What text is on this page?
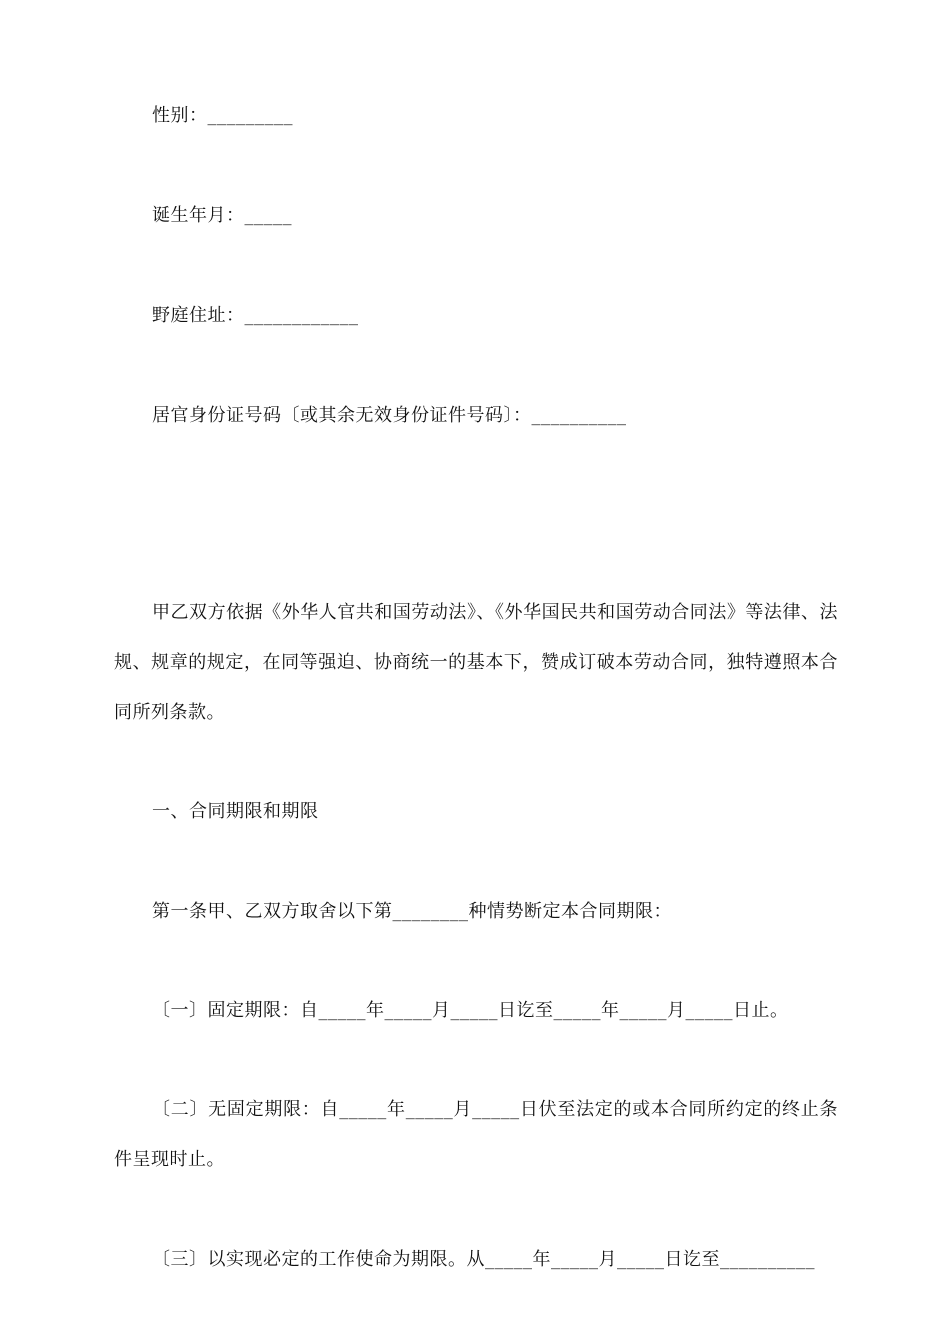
性别：_________
诞生年月：_____
野庭住址：____________
居官身份证号码〔或其余无效身份证件号码〕：__________
甲乙双方依据《外华人官共和国劳动法》、《外华国民共和国劳动合同法》等法律、法规、规章的规定，在同等强迫、协商统一的基本下，赞成订破本劳动合同，独特遵照本合同所列条款。
一、合同期限和期限
第一条甲、乙双方取舍以下第________种情势断定本合同期限：
〔一〕固定期限：自_____年_____月_____日讫至_____年_____月_____日止。
〔二〕无固定期限：自_____年_____月_____日伏至法定的或本合同所约定的终止条件呈现时止。
〔三〕以实现必定的工作使命为期限。从_____年_____月_____日讫至__________
